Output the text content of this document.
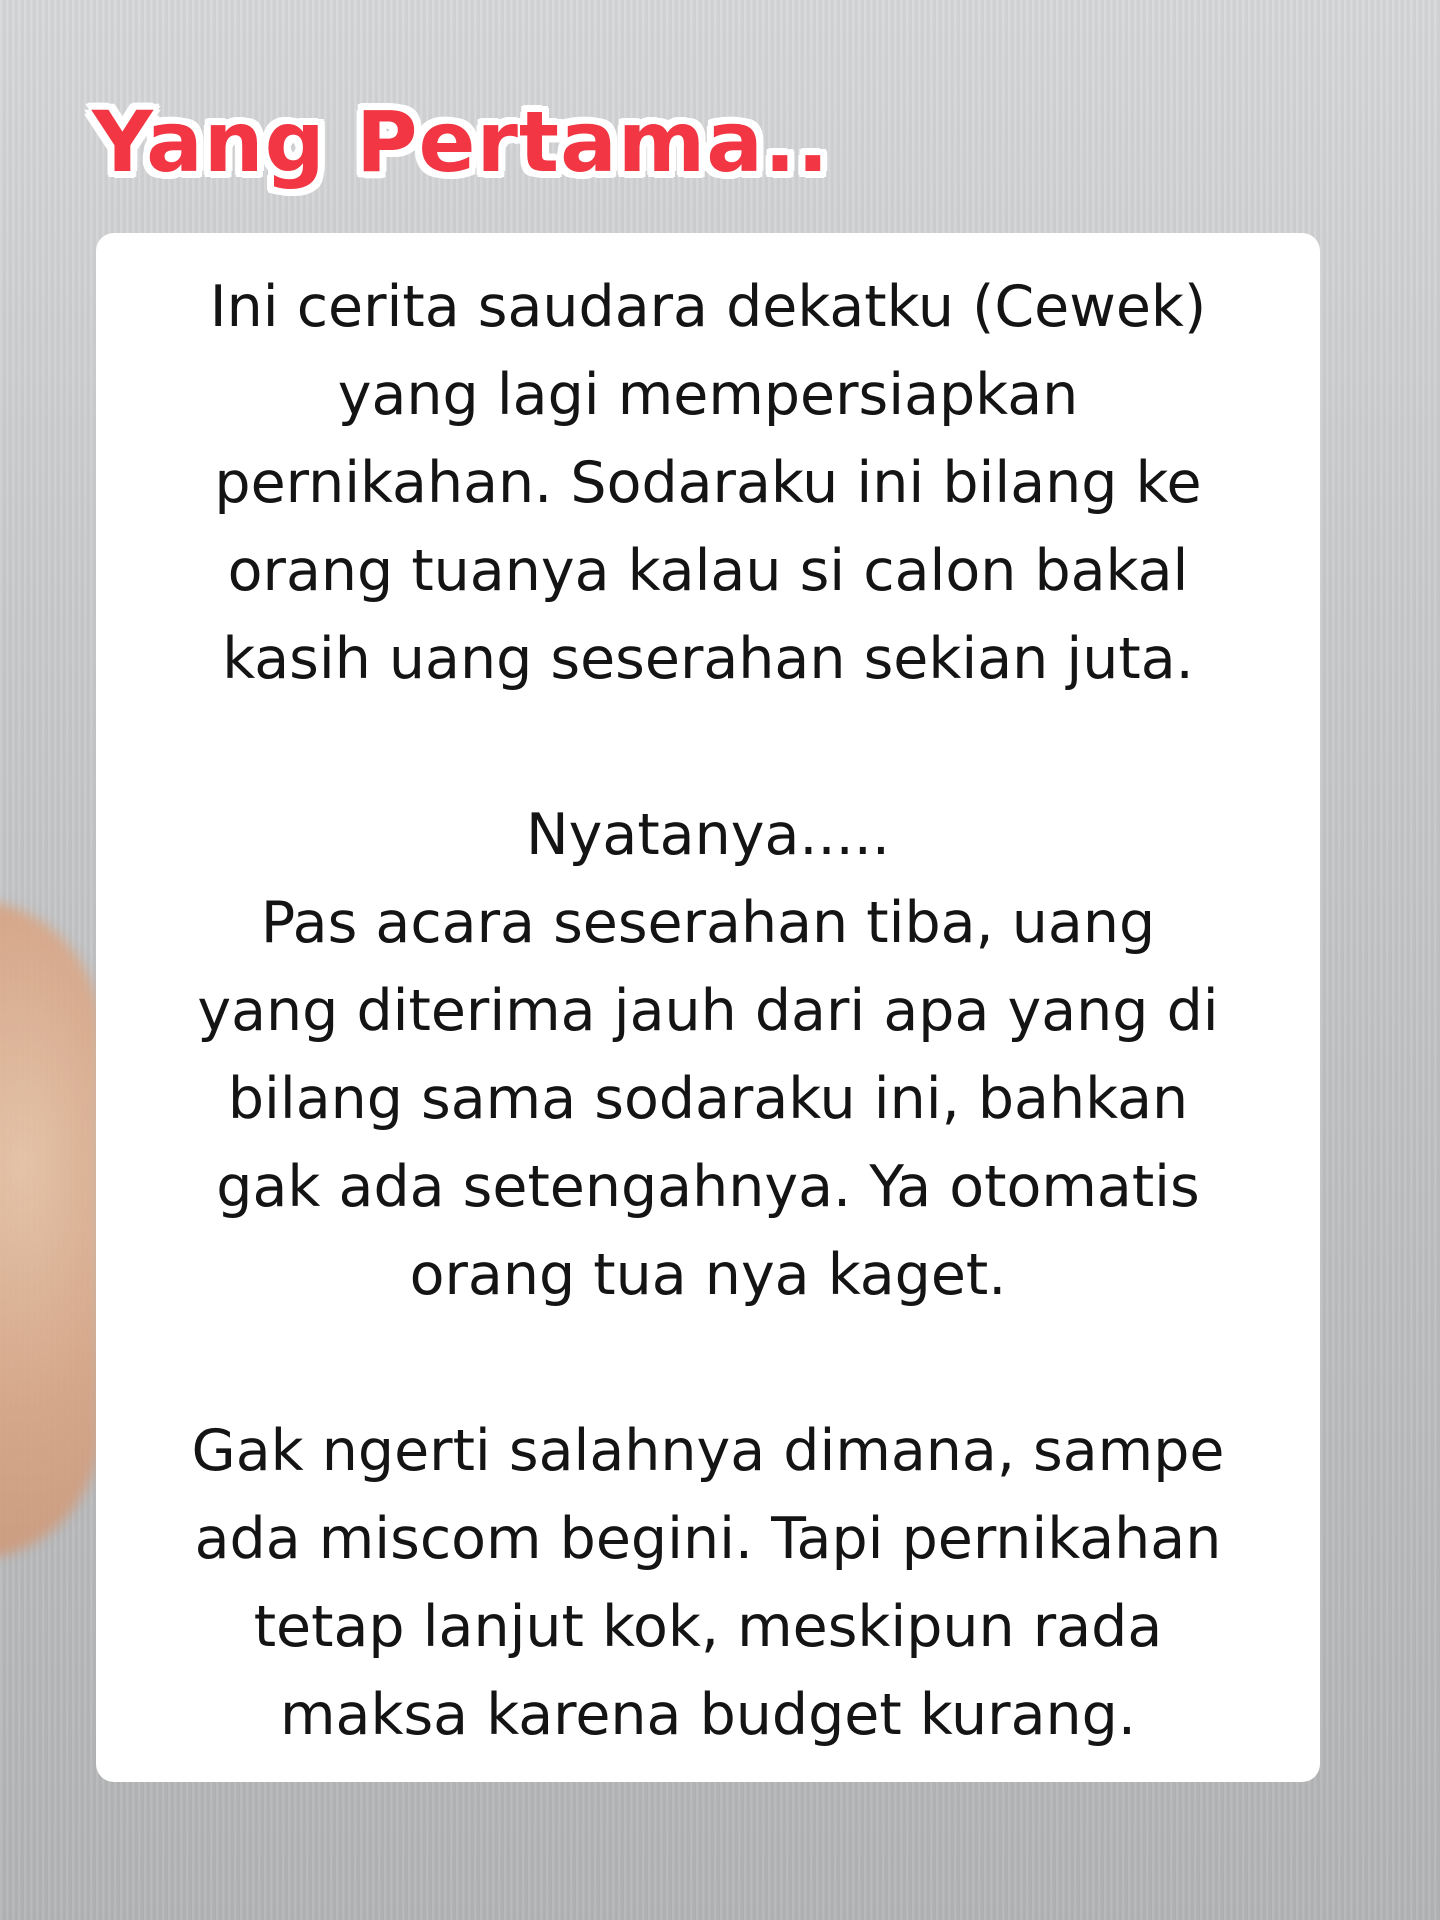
Yang Pertama..
Ini cerita saudara dekatku (Cewek)
yang lagi mempersiapkan
pernikahan. Sodaraku ini bilang ke
orang tuanya kalau si calon bakal
kasih uang seserahan sekian juta.
Nyatanya.....
Pas acara seserahan tiba, uang
yang diterima jauh dari apa yang di
bilang sama sodaraku ini, bahkan
gak ada setengahnya. Ya otomatis
orang tua nya kaget.
Gak ngerti salahnya dimana, sampe
ada miscom begini. Tapi pernikahan
tetap lanjut kok, meskipun rada
maksa karena budget kurang.
